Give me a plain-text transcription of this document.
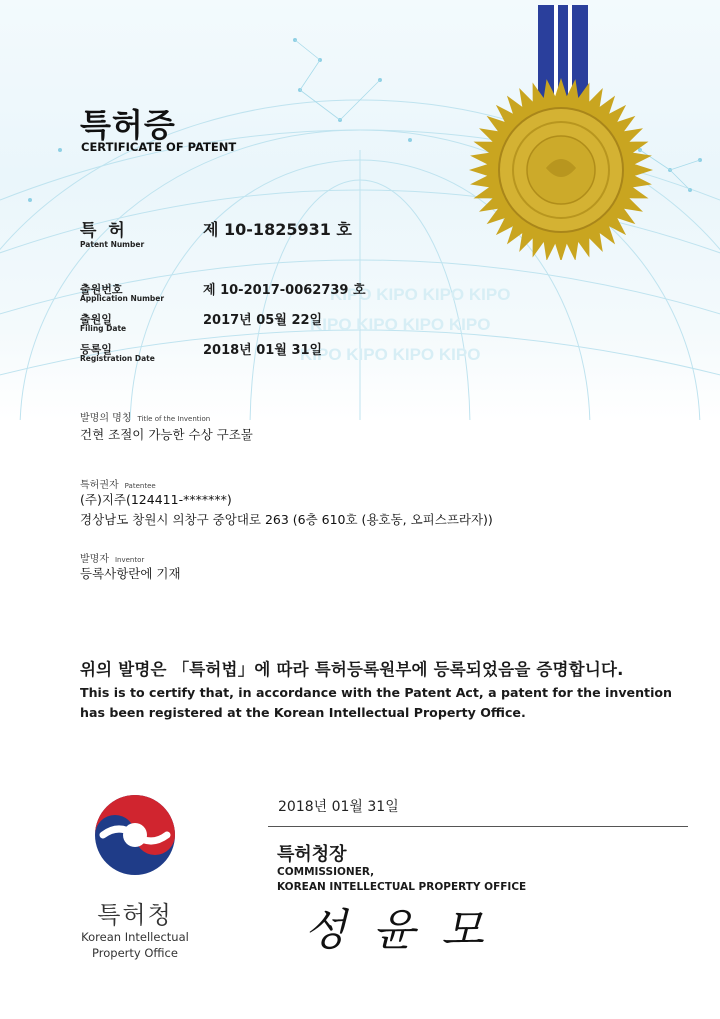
KIPO KIPO KIPO KIPO
KIPO KIPO KIPO KIPO
KIPO KIPO KIPO KIPO
특허증
CERTIFICATE OF PATENT
특 허
Patent Number
제 10-1825931 호
출원번호
Application Number
제 10-2017-0062739 호
출원일
Filing Date
2017년 05월 22일
등록일
Registration Date
2018년 01월 31일
발명의 명칭 Title of the Invention
건현 조절이 가능한 수상 구조물
특허권자 Patentee
(주)지주(124411-*******)
경상남도 창원시 의창구 중앙대로 263 (6층 610호 (용호동, 오피스프라자))
발명자 Inventor
등록사항란에 기재
위의 발명은 「특허법」에 따라 특허등록원부에 등록되었음을 증명합니다.
This is to certify that, in accordance with the Patent Act, a patent for the invention
has been registered at the Korean Intellectual Property Office.
특허청
Korean Intellectual
Property Office
2018년 01월 31일
특허청장
COMMISSIONER,
KOREAN INTELLECTUAL PROPERTY OFFICE
성 윤 모
